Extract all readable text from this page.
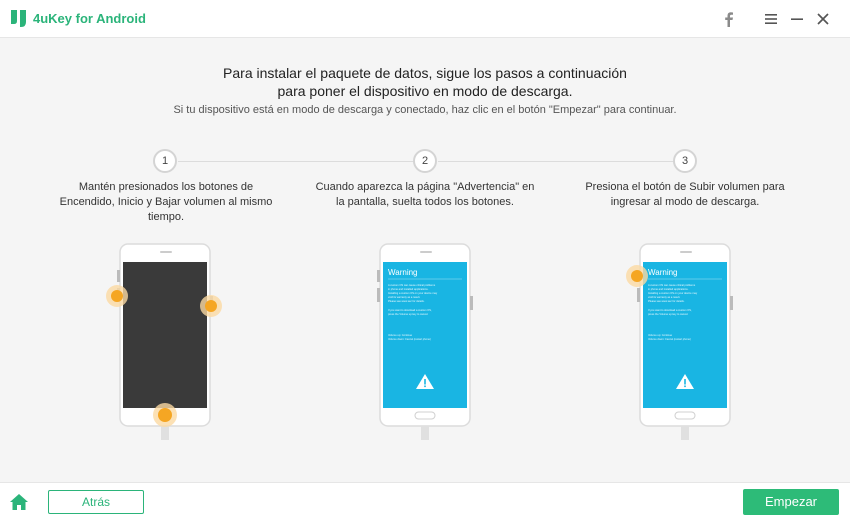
4uKey for Android
Para instalar el paquete de datos, sigue los pasos a continuación
para poner el dispositivo en modo de descarga.
Si tu dispositivo está en modo de descarga y conectado, haz clic en el botón "Empezar" para continuar.
1	2	3
Mantén presionados los botones de
Encendido, Inicio y Bajar volumen al mismo
tiempo.
Cuando aparezca la página "Advertencia" en
la pantalla, suelta todos los botones.
Presiona el botón de Subir volumen para
ingresar al modo de descarga.
Warning
A custom OS can cause critical problems
in phone and installed applications.
Installing a custom OS on your device may
void its warranty as a result.
Please see www.sec for details.
If you want to download a custom OS,
press the Volume up key to cancel.
Volume up: Continue
Volume down: Cancel (restart phone)
Warning
A custom OS can cause critical problems
in phone and installed applications.
Installing a custom OS on your device may
void its warranty as a result.
Please see www.sec for details.
If you want to download a custom OS,
press the Volume up key to cancel.
Volume up: Continue
Volume down: Cancel (restart phone)
Atrás	Empezar
